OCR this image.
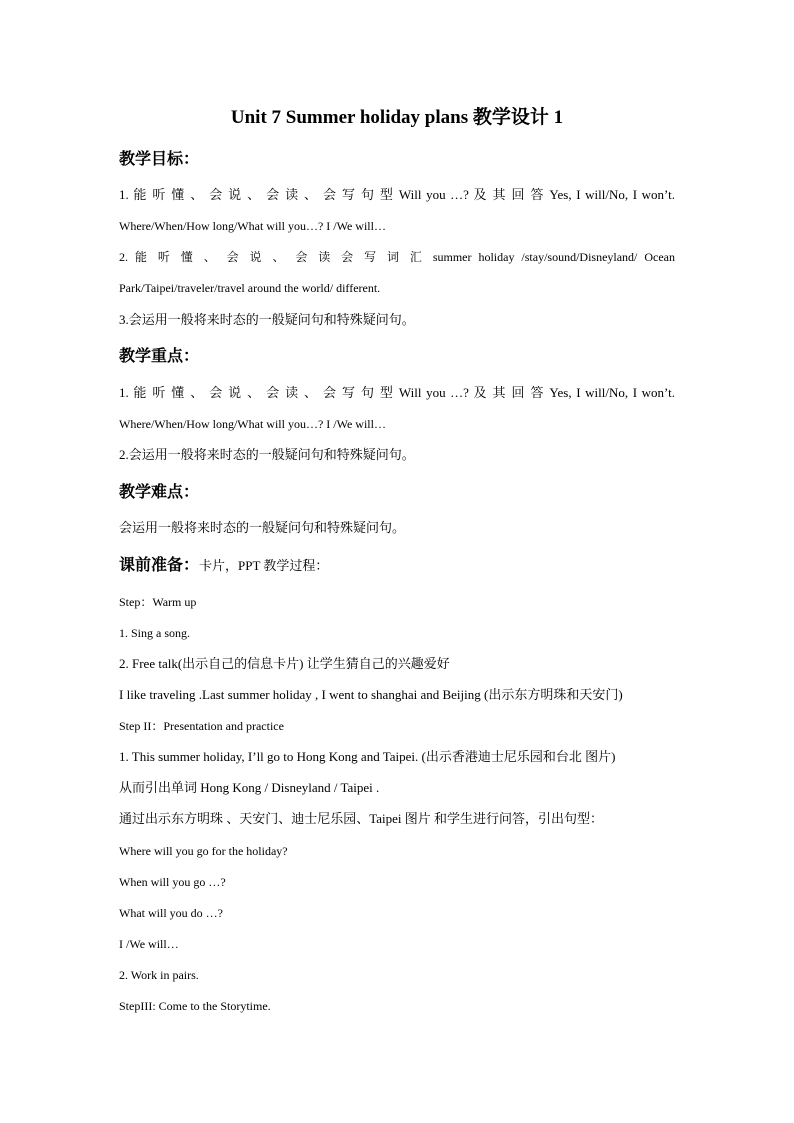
Unit 7 Summer holiday plans 教学设计 1
教学目标：
1. 能 听 懂 、 会 说 、 会 读 、 会 写 句 型 Will you …? 及 其 回 答 Yes, I will/No, I won’t.
Where/When/How long/What will you…? I /We will…
2. 能 听 懂 、 会 说 、 会 读 会 写 词 汇 summer holiday /stay/sound/Disneyland/ Ocean
Park/Taipei/traveler/travel around the world/ different.
3.会运用一般将来时态的一般疑问句和特殊疑问句。
教学重点：
1. 能 听 懂 、 会 说 、 会 读 、 会 写 句 型 Will you …? 及 其 回 答 Yes, I will/No, I won’t.
Where/When/How long/What will you…? I /We will…
2.会运用一般将来时态的一般疑问句和特殊疑问句。
教学难点：
会运用一般将来时态的一般疑问句和特殊疑问句。
课前准备：卡片，PPT 教学过程：
Step：Warm up
1. Sing a song.
2. Free talk(出示自己的信息卡片) 让学生猜自己的兴趣爱好
I like traveling .Last summer holiday , I went to shanghai and Beijing (出示东方明珠和天安门)
Step II：Presentation and practice
1. This summer holiday, I’ll go to Hong Kong and Taipei. (出示香港迪士尼乐园和台北 图片)
从而引出单词 Hong Kong / Disneyland / Taipei .
通过出示东方明珠 、天安门、迪士尼乐园、Taipei 图片 和学生进行问答，引出句型：
Where will you go for the holiday?
When will you go …?
What will you do …?
I /We will…
2. Work in pairs.
StepIII: Come to the Storytime.
